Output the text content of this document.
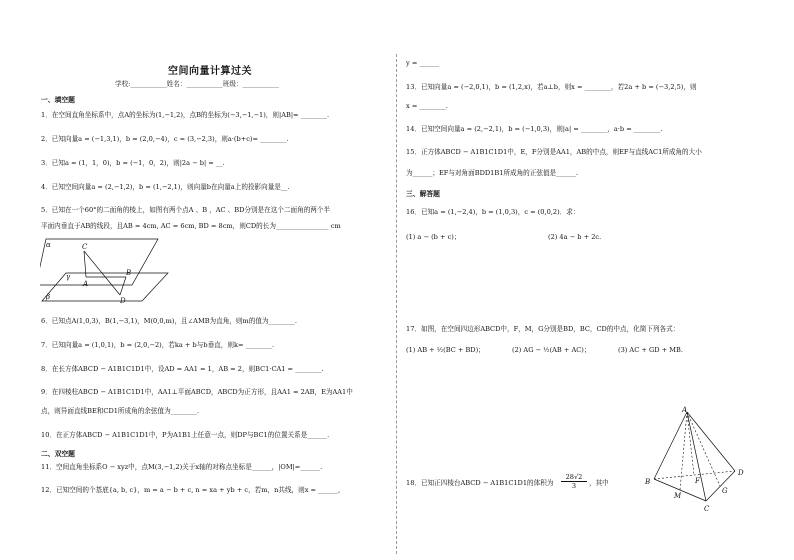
空间向量计算过关
学校:___________姓名：___________班级：___________
一、填空题
1．在空间直角坐标系中，点A的坐标为(1,−1,2)，点B的坐标为(−3,−1,−1)，则|AB|= ________.
2．已知向量a = (−1,3,1)，b = (2,0,−4)，c = (3,−2,3)，则a·(b+c)= ________.
3．已知a = (1，1，0)，b = (−1，0，2)，则|2a − b| = __.
4．已知空间向量a = (2,−1,2)，b = (1,−2,1)，则向量b在向量a上的投影向量是__.
5．已知在一个60°的二面角的棱上，如图有两个点A 、B ，AC 、BD分别是在这个二面角的两个半
平面内垂直于AB的线段，且AB = 4cm, AC = 6cm, BD = 8cm，则CD的长为________________ cm
α
β
γ
C
A
B
D
6．已知点A(1,0,3)，B(1,−3,1)，M(0,0,m)，且∠AMB为直角，则m的值为________.
7．已知向量a = (1,0,1)，b = (2,0,−2)，若ka + b与b垂直，则k= ________.
8．在长方体ABCD − A1B1C1D1中，设AD = AA1 = 1，AB = 2，则BC1·CA1 = ________.
9．在四棱柱ABCD − A1B1C1D1中，AA1⊥平面ABCD，ABCD为正方形，且AA1 = 2AB，E为AA1中
点，则异面直线BE和CD1所成角的余弦值为________.
10．在正方体ABCD − A1B1C1D1中，P为A1B1上任意一点，则DP与BC1的位置关系是______.
二、双空题
11．空间直角坐标系O − xyz中，点M(3,−1,2)关于x轴的对称点坐标是______，|OM|=______.
12．已知空间的个基底{a, b, c}，m = a − b + c, n = xa + yb + c，若m，n共线，则x = ______,
y = ______
13．已知向量a = (−2,0,1)，b = (1,2,x)，若a⊥b，则x = ________，若2a + b = (−3,2,5)，则
x = ________.
14．已知空间向量a = (2,−2,1)，b = (−1,0,3)，则|a| = ________，a·b = ________.
15．正方体ABCD − A1B1C1D1中，E，F分别是AA1，AB的中点，则EF与直线AC1所成角的大小
为______；EF与对角面BDD1B1所成角的正弦值是______.
三、解答题
16．已知a = (1,−2,4)，b = (1,0,3)，c = (0,0,2)．求：
(1) a − (b + c)；	(2) 4a − b + 2c.
17．如图，在空间四边形ABCD中，F，M，G分别是BD，BC，CD的中点，化简下列各式：
(1) AB + ½(BC + BD)；	(2) AG − ½(AB + AC)；	(3) AC + GD + MB.
A
B
C
D
F
G
M
18．已知正四棱台ABCD − A1B1C1D1的体积为 $\frac{28√2}{3}$ ，其中
